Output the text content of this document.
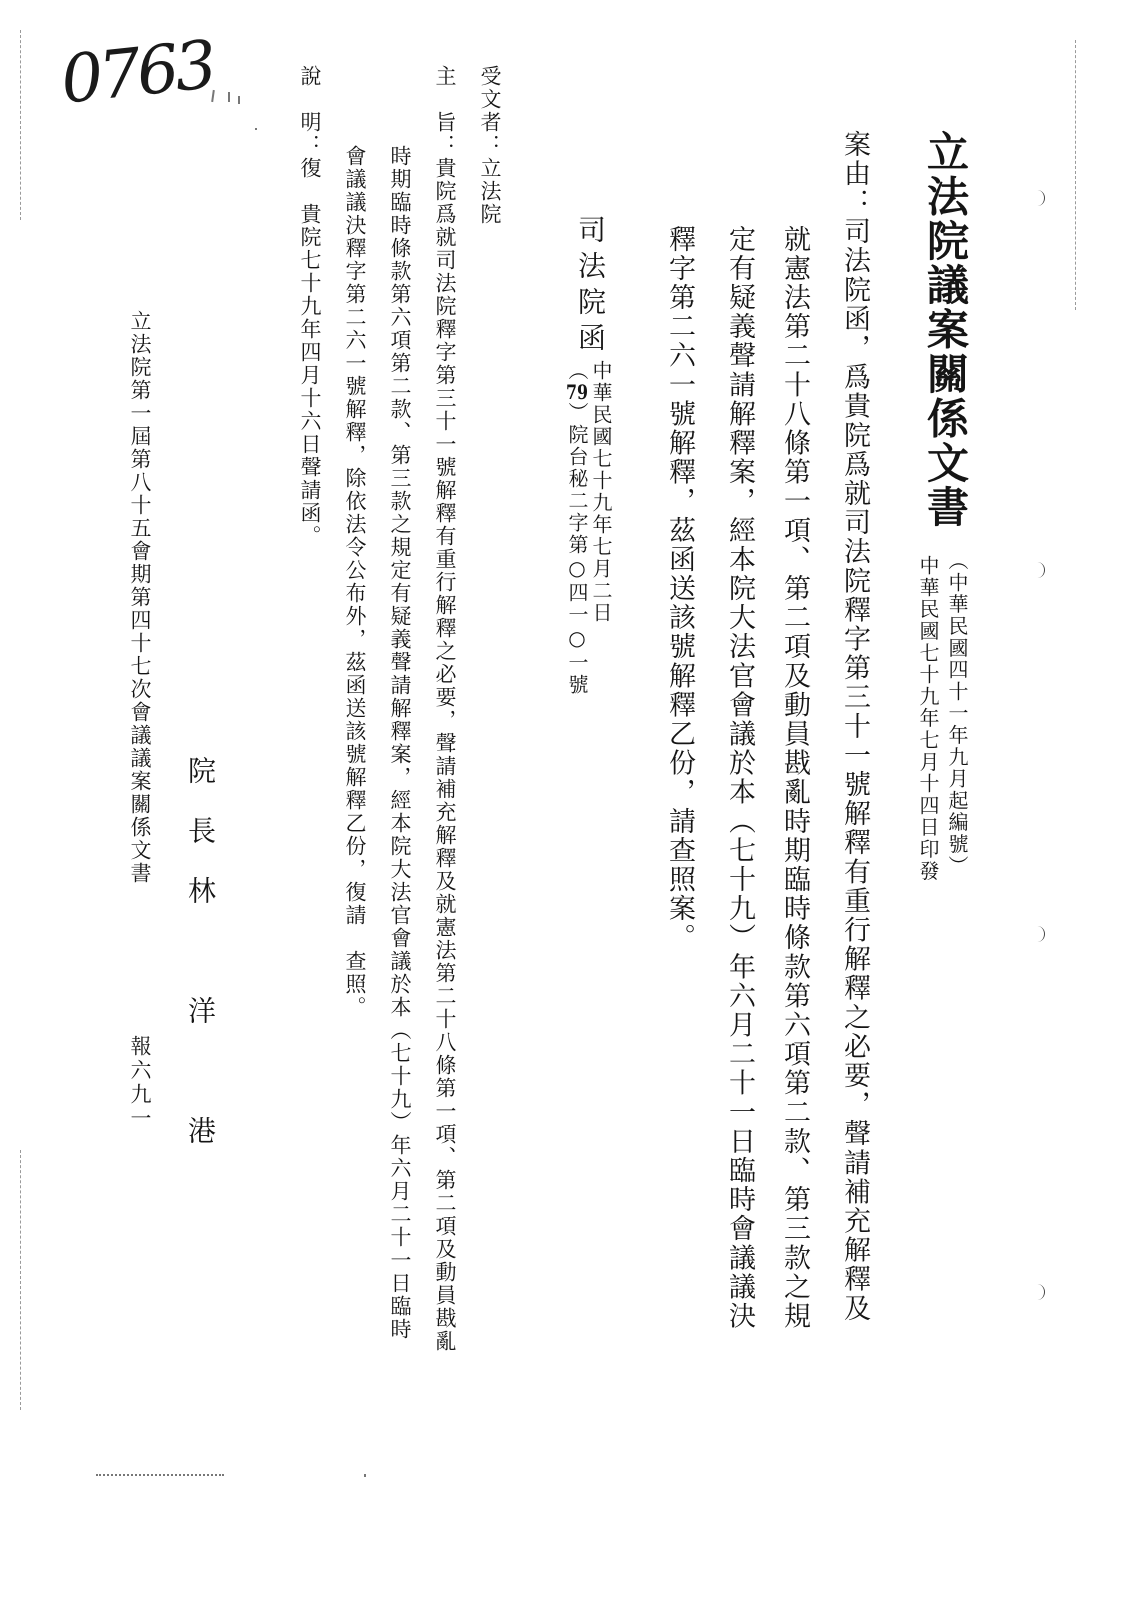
0763
立法院議案關係文書
（中華民國四十一年九月起編號）
中華民國七十九年七月十四日印發
案由：司法院函，爲貴院爲就司法院釋字第三十一號解釋有重行解釋之必要，聲請補充解釋及
就憲法第二十八條第一項、第二項及動員戡亂時期臨時條款第六項第二款、第三款之規
定有疑義聲請解釋案，經本院大法官會議於本（七十九）年六月二十一日臨時會議議決
釋字第二六一號解釋，茲函送該號解釋乙份，請查照案。
司法院函
中華民國七十九年七月二日
（79）院台秘二字第○四一○一號
受文者：立法院
主　旨：貴院爲就司法院釋字第三十一號解釋有重行解釋之必要，聲請補充解釋及就憲法第二十八條第一項、第二項及動員戡亂
時期臨時條款第六項第二款、第三款之規定有疑義聲請解釋案，經本院大法官會議於本（七十九）年六月二十一日臨時
會議議決釋字第二六一號解釋，除依法令公布外，茲函送該號解釋乙份，復請　查照。
說　明：復　貴院七十九年四月十六日聲請函。
院長
林洋港
立法院第一屆第八十五會期第四十七次會議議案關係文書
報六九一
